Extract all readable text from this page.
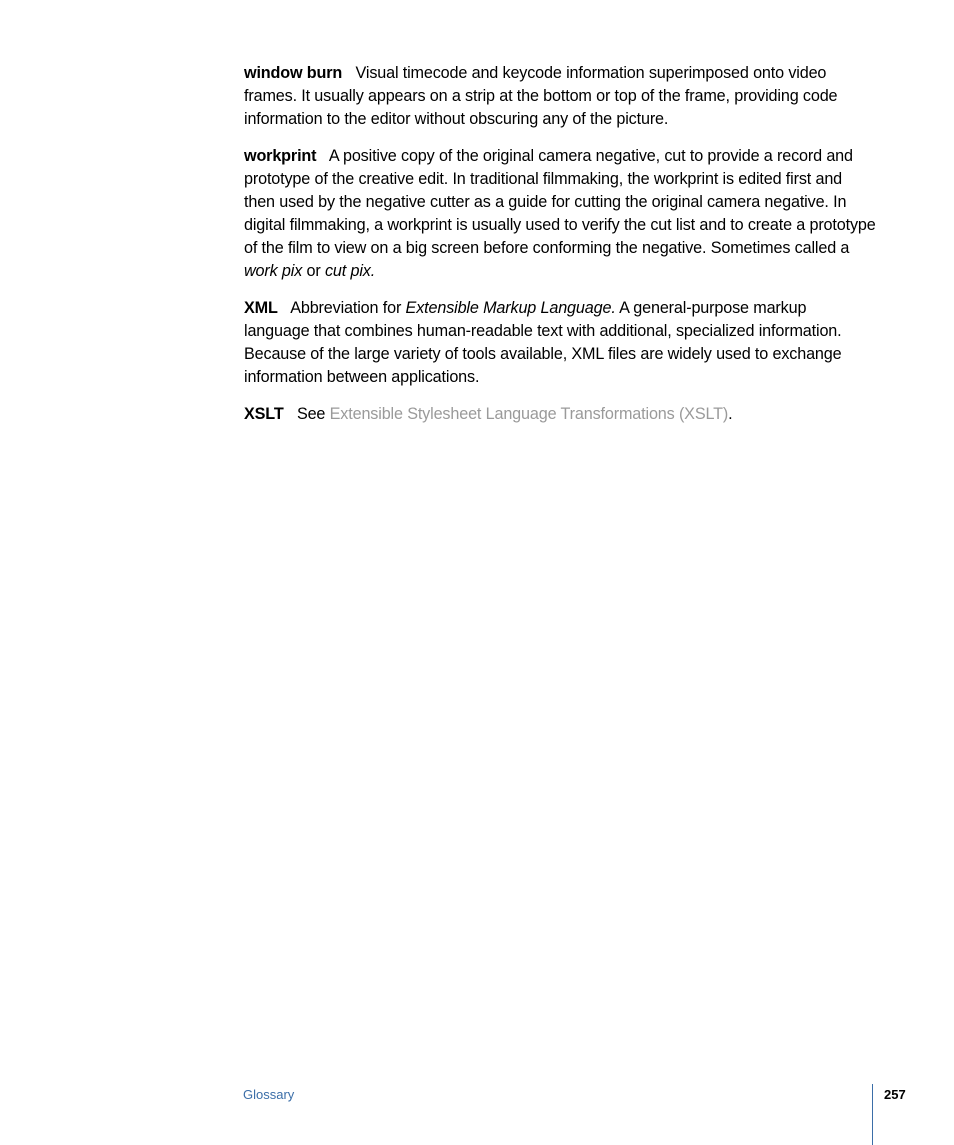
window burn Visual timecode and keycode information superimposed onto video frames. It usually appears on a strip at the bottom or top of the frame, providing code information to the editor without obscuring any of the picture.

workprint A positive copy of the original camera negative, cut to provide a record and prototype of the creative edit. In traditional filmmaking, the workprint is edited first and then used by the negative cutter as a guide for cutting the original camera negative. In digital filmmaking, a workprint is usually used to verify the cut list and to create a prototype of the film to view on a big screen before conforming the negative. Sometimes called a work pix or cut pix.

XML Abbreviation for Extensible Markup Language. A general-purpose markup language that combines human-readable text with additional, specialized information. Because of the large variety of tools available, XML files are widely used to exchange information between applications.

XSLT See Extensible Stylesheet Language Transformations (XSLT).

Glossary	257
